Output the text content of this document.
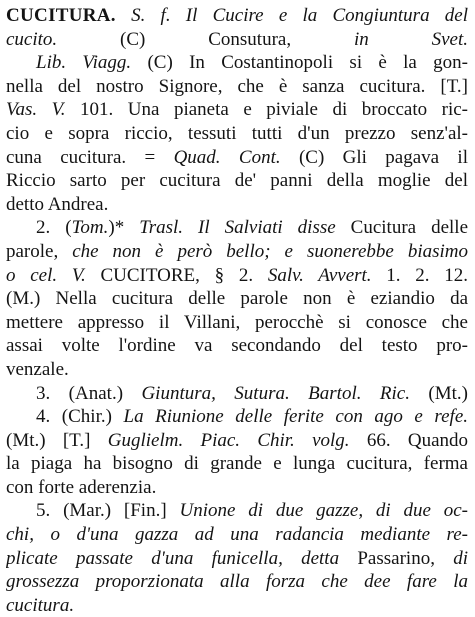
CUCITURA. S. f. Il Cucire e la Congiuntura del
cucito. (C) Consutura, in Svet.
Lib. Viagg. (C) In Costantinopoli si è la gon-
nella del nostro Signore, che è sanza cucitura. [T.]
Vas. V. 101. Una pianeta e piviale di broccato ric-
cio e sopra riccio, tessuti tutti d'un prezzo senz'al-
cuna cucitura. = Quad. Cont. (C) Gli pagava il
Riccio sarto per cucitura de' panni della moglie del
detto Andrea.
2. (Tom.)* Trasl. Il Salviati disse Cucitura delle
parole, che non è però bello; e suonerebbe biasimo
o cel. V. CUCITORE, § 2. Salv. Avvert. 1. 2. 12.
(M.) Nella cucitura delle parole non è eziandio da
mettere appresso il Villani, perocchè si conosce che
assai volte l'ordine va secondando del testo pro-
venzale.
3. (Anat.) Giuntura, Sutura. Bartol. Ric. (Mt.)
4. (Chir.) La Riunione delle ferite con ago e refe.
(Mt.) [T.] Guglielm. Piac. Chir. volg. 66. Quando
la piaga ha bisogno di grande e lunga cucitura, ferma
con forte aderenzia.
5. (Mar.) [Fin.] Unione di due gazze, di due oc-
chi, o d'una gazza ad una radancia mediante re-
plicate passate d'una funicella, detta Passarino, di
grossezza proporzionata alla forza che dee fare la
cucitura.
